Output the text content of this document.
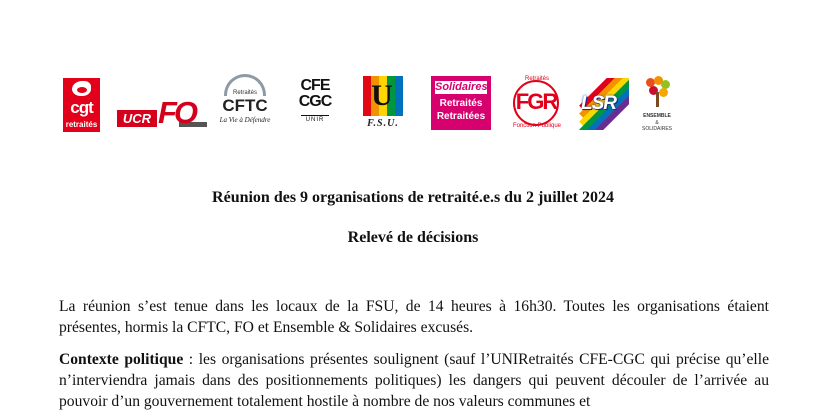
cgt
retraités	UCR FO
Retraités
CFTC
La Vie à Défendre
CFE
CGC
UNIR
U
F.S.U.
Solidaires
Retraités
Retraitées
Retraités
FGR
Fonction Publique
LSR
ENSEMBLE
& SOLIDAIRES
Réunion des 9 organisations de retraité.e.s du 2 juillet 2024
Relevé de décisions
La réunion s’est tenue dans les locaux de la FSU, de 14 heures à 16h30. Toutes les organisations étaient présentes, hormis la CFTC, FO et Ensemble & Solidaires excusés.
Contexte politique : les organisations présentes soulignent (sauf l’UNIRetraités CFE-CGC qui précise qu’elle n’interviendra jamais dans des positionnements politiques) les dangers qui peuvent découler de l’arrivée au pouvoir d’un gouvernement totalement hostile à nombre de nos valeurs communes et
